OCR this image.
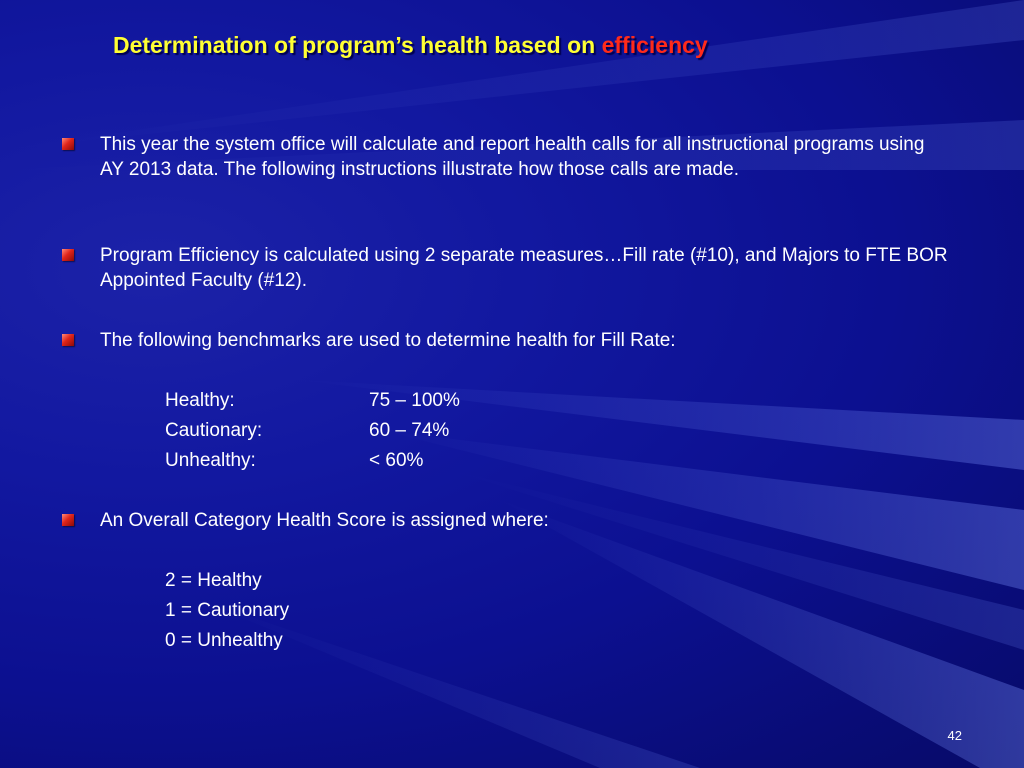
Determination of program’s health based on efficiency
This year the system office will calculate and report health calls for all instructional programs using AY 2013 data. The following instructions illustrate how those calls are made.
Program Efficiency is calculated using 2 separate measures…Fill rate (#10), and Majors to FTE BOR Appointed Faculty (#12).
The following benchmarks are used to determine health for Fill Rate:
Healthy:	75 – 100%
Cautionary:	60 – 74%
Unhealthy:	< 60%
An Overall Category Health Score is assigned where:
2 = Healthy
1 = Cautionary
0 = Unhealthy
42
